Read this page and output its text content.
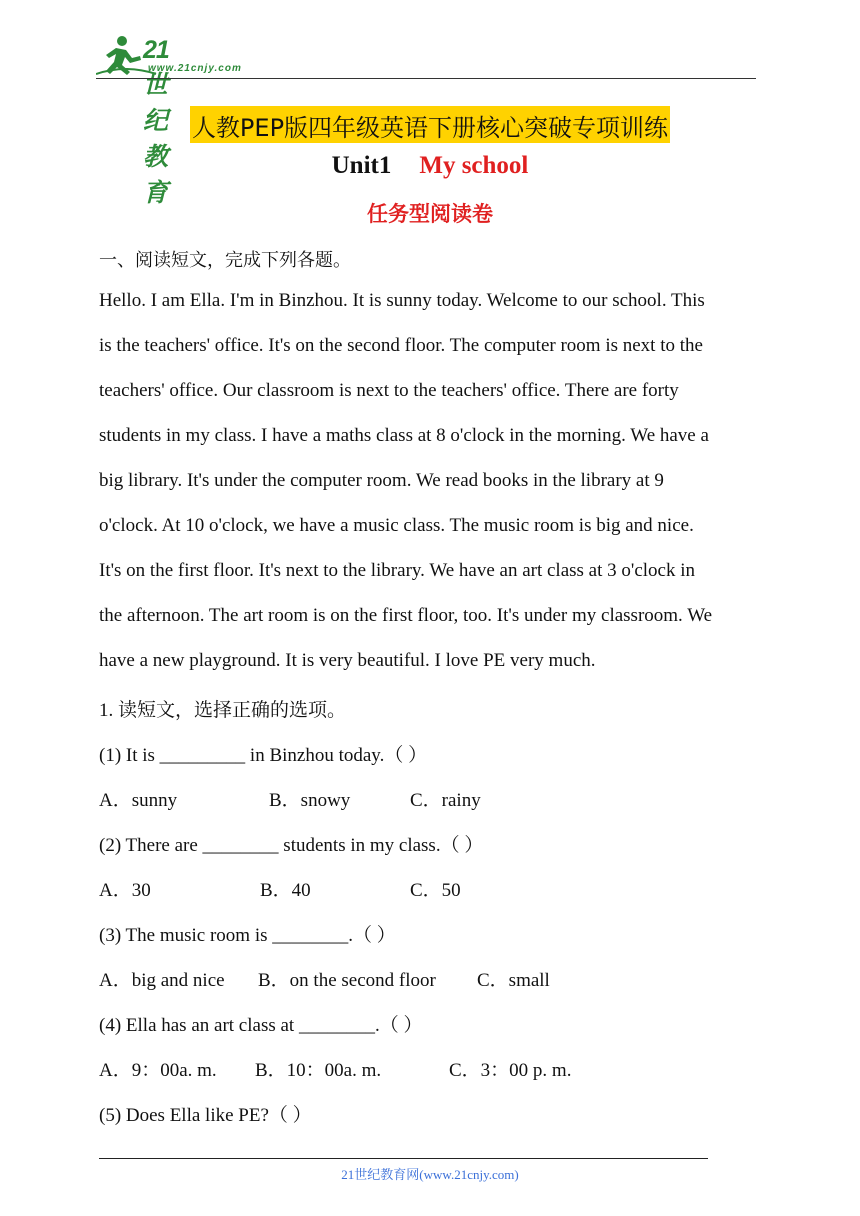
21世纪教育
www.21cnjy.com
人教PEP版四年级英语下册核心突破专项训练
Unit1 My school
任务型阅读卷
一、阅读短文，完成下列各题。
Hello. I am Ella. I'm in Binzhou. It is sunny today. Welcome to our school. This
is the teachers' office. It's on the second floor. The computer room is next to the
teachers' office. Our classroom is next to the teachers' office. There are forty
students in my class. I have a maths class at 8 o'clock in the morning. We have a
big library. It's under the computer room. We read books in the library at 9
o'clock. At 10 o'clock, we have a music class. The music room is big and nice.
It's on the first floor. It's next to the library. We have an art class at 3 o'clock in
the afternoon. The art room is on the first floor, too. It's under my classroom. We
have a new playground. It is very beautiful. I love PE very much.
1. 读短文，选择正确的选项。
(1) It is _________ in Binzhou today.（ ）
A．sunny	B．snowy	C．rainy
(2) There are ________ students in my class.（ ）
A．30	B．40	C．50
(3) The music room is ________.（ ）
A．big and nice B．on the second floor C．small
(4) Ella has an art class at ________.（ ）
A．9：00a. m. B．10：00a. m.	C．3：00 p. m.
(5) Does Ella like PE?（ ）
21世纪教育网(www.21cnjy.com)
